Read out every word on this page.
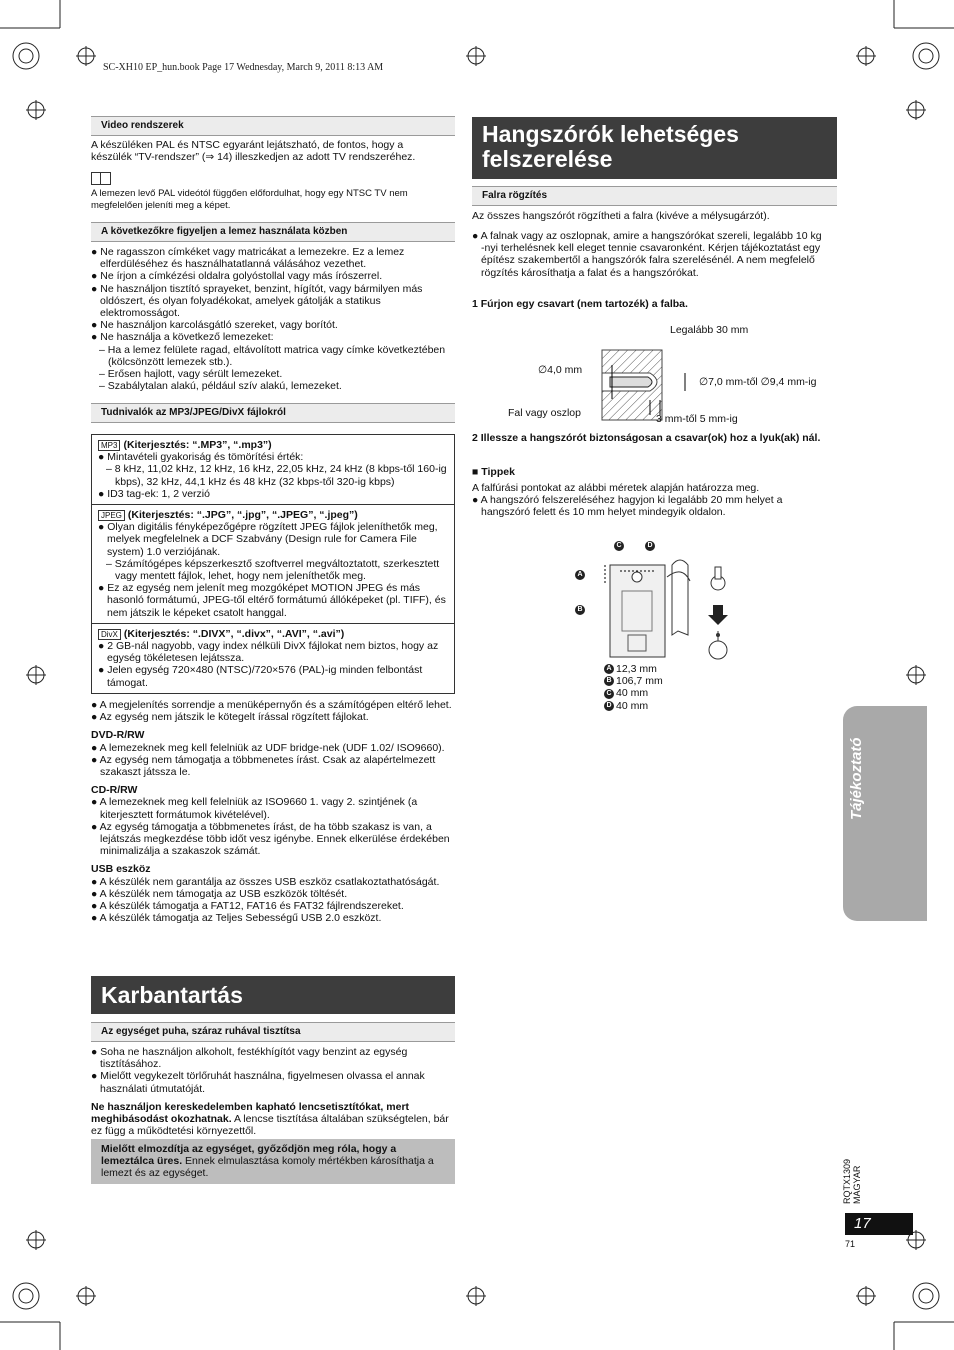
SC-XH10 EP_hun.book Page 17 Wednesday, March 9, 2011 8:13 AM
Video rendszerek

A készüléken PAL és NTSC egyaránt lejátszható, de fontos, hogy a

készülék “TV-rendszer” (⇒ 14) illeszkedjen az adott TV rendszeréhez.

A lemezen levő PAL videótól függően előfordulhat, hogy egy NTSC TV nem

megfelelően jeleníti meg a képet.

A következőkre figyeljen a lemez használata közben

● Ne ragasszon címkéket vagy matricákat a lemezekre. Ez a lemez elferdüléséhez és használhatatlanná válásához vezethet.

● Ne írjon a címkézési oldalra golyóstollal vagy más írószerrel.

● Ne használjon tisztító sprayeket, benzint, hígítót, vagy bármilyen más oldószert, és olyan folyadékokat, amelyek gátolják a statikus elektromosságot.

● Ne használjon karcolásgátló szereket, vagy borítót.

● Ne használja a következő lemezeket:

– Ha a lemez felülete ragad, eltávolított matrica vagy címke következtében (kölcsönzött lemezek stb.).

– Erősen hajlott, vagy sérült lemezeket.

– Szabálytalan alakú, például szív alakú, lemezeket.

Tudnivalók az MP3/JPEG/DivX fájlokról

MP3 (Kiterjesztés: “.MP3”, “.mp3”)

● Mintavételi gyakoriság és tömörítési érték:

– 8 kHz, 11,02 kHz, 12 kHz, 16 kHz, 22,05 kHz, 24 kHz (8 kbps-től 160-ig kbps), 32 kHz, 44,1 kHz és 48 kHz (32 kbps-től 320-ig kbps)

● ID3 tag-ek: 1, 2 verzió

JPEG (Kiterjesztés: “.JPG”, “.jpg”, “.JPEG”, “.jpeg”)

● Olyan digitális fényképezőgépre rögzített JPEG fájlok jeleníthetők meg, melyek megfelelnek a DCF Szabvány (Design rule for Camera File system) 1.0 verziójának.

– Számítógépes képszerkesztő szoftverrel megváltoztatott, szerkesztett vagy mentett fájlok, lehet, hogy nem jeleníthetők meg.

● Ez az egység nem jelenít meg mozgóképet MOTION JPEG és más hasonló formátumú, JPEG-től eltérő formátumú állóképeket (pl. TIFF), és nem játszik le képeket csatolt hanggal.

DivX (Kiterjesztés: “.DIVX”, “.divx”, “.AVI”, “.avi”)

● 2 GB-nál nagyobb, vagy index nélküli DivX fájlokat nem biztos, hogy az egység tökéletesen lejátssza.

● Jelen egység 720×480 (NTSC)/720×576 (PAL)-ig minden felbontást támogat.

● A megjelenítés sorrendje a menüképernyőn és a számítógépen eltérő lehet.

● Az egység nem játszik le kötegelt írással rögzített fájlokat.

DVD-R/RW

● A lemezeknek meg kell felelniük az UDF bridge-nek (UDF 1.02/ ISO9660).

● Az egység nem támogatja a többmenetes írást. Csak az alapértelmezett szakaszt játssza le.

CD-R/RW

● A lemezeknek meg kell felelniük az ISO9660 1. vagy 2. szintjének (a kiterjesztett formátumok kivételével).

● Az egység támogatja a többmenetes írást, de ha több szakasz is van, a lejátszás megkezdése több időt vesz igénybe. Ennek elkerülése érdekében minimalizálja a szakaszok számát.

USB eszköz

● A készülék nem garantálja az összes USB eszköz csatlakoztathatóságát.

● A készülék nem támogatja az USB eszközök töltését.

● A készülék támogatja a FAT12, FAT16 és FAT32 fájlrendszereket.

● A készülék támogatja az Teljes Sebességű USB 2.0 eszközt.

Karbantartás
Az egységet puha, száraz ruhával tisztítsa

● Soha ne használjon alkoholt, festékhígítót vagy benzint az egység tisztításához.

● Mielőtt vegykezelt törlőruhát használna, figyelmesen olvassa el annak használati útmutatóját.

Ne használjon kereskedelemben kapható lencsetisztítókat, mert meghibásodást okozhatnak. A lencse tisztítása általában szükségtelen, bár ez függ a működtetési környezettől.

Mielőtt elmozdítja az egységet, győződjön meg róla, hogy a lemeztálca üres. Ennek elmulasztása komoly mértékben károsíthatja a lemezt és az egységet.
Hangszórók lehetséges
felszerelése
Falra rögzítés
Az összes hangszórót rögzítheti a falra (kivéve a mélysugárzót).

● A falnak vagy az oszlopnak, amire a hangszórókat szereli, legalább 10 kg -nyi terhelésnek kell eleget tennie csavaronként. Kérjen tájékoztatást egy építész szakembertől a hangszórók falra szerelésénél. A nem megfelelő rögzítés károsíthatja a falat és a hangszórókat.

1 Fúrjon egy csavart (nem tartozék) a falba.
Legalább 30 mm
∅4,0 mm
∅7,0 mm-től ∅9,4 mm-ig
Fal vagy oszlop	3 mm-től 5 mm-ig

2 Illessze a hangszórót biztonságosan a csavar(ok) hoz a lyuk(ak) nál.

■ Tippek

A falfúrási pontokat az alábbi méretek alapján határozza meg.

● A hangszóró felszereléséhez hagyjon ki legalább 20 mm helyet a hangszóró felett és 10 mm helyet mindegyik oldalon.

C	D
A
B

A 12,3 mm

B 106,7 mm

C 40 mm

D 40 mm

Tájékoztató
RQTX1309 MAGYAR
17
71
